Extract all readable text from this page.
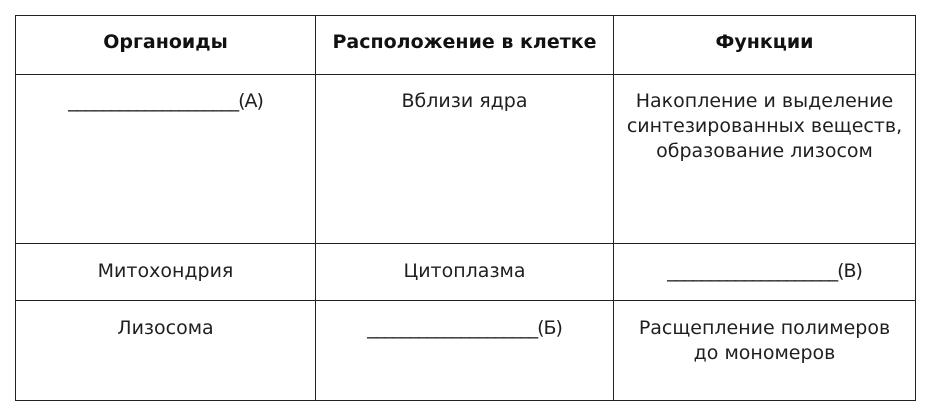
Органоиды	Расположение в клетке	Функции
____________________(А)	Вблизи ядра	Накопление и выделение синтезированных веществ, образование лизосом
Митохондрия	Цитоплазма	____________________(В)
Лизосома	____________________(Б)	Расщепление полимеров до мономеров
